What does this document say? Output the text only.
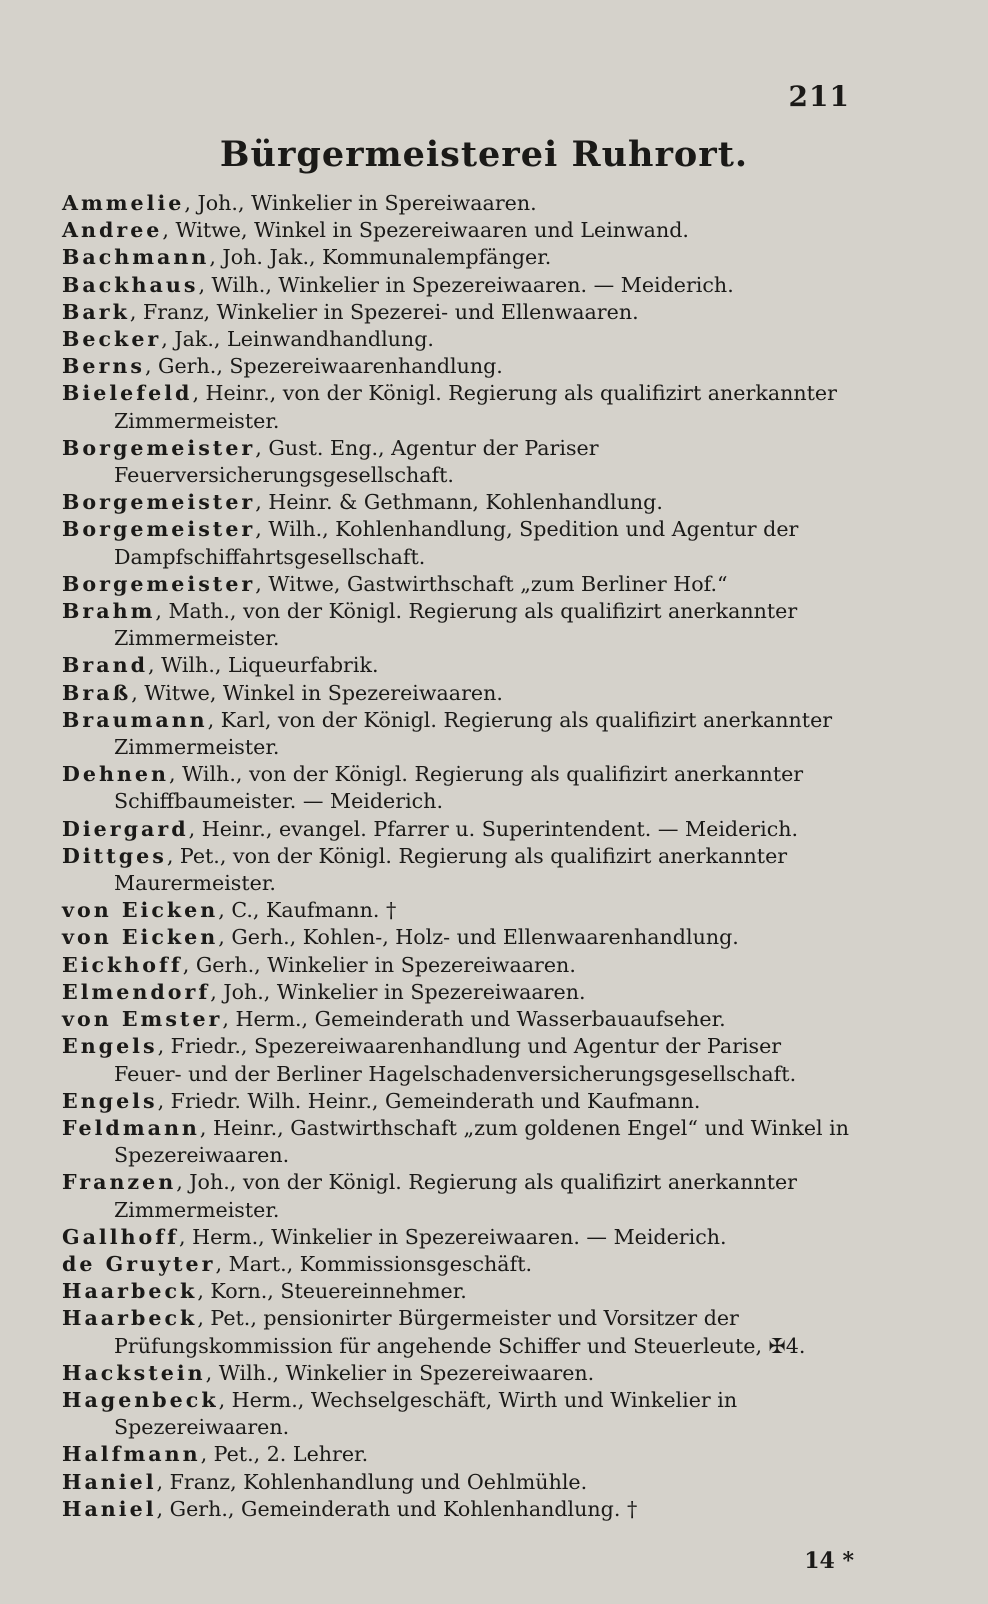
211
Bürgermeisterei Ruhrort.
Ammelie, Joh., Winkelier in Spereiwaaren.
Andree, Witwe, Winkel in Spezereiwaaren und Leinwand.
Bachmann, Joh. Jak., Kommunalempfänger.
Backhaus, Wilh., Winkelier in Spezereiwaaren. — Meiderich.
Bark, Franz, Winkelier in Spezerei- und Ellenwaaren.
Becker, Jak., Leinwandhandlung.
Berns, Gerh., Spezereiwaarenhandlung.
Bielefeld, Heinr., von der Königl. Regierung als qualifizirt anerkannter Zimmermeister.
Borgemeister, Gust. Eng., Agentur der Pariser Feuerversicherungsgesellschaft.
Borgemeister, Heinr. & Gethmann, Kohlenhandlung.
Borgemeister, Wilh., Kohlenhandlung, Spedition und Agentur der Dampfschiffahrtsgesellschaft.
Borgemeister, Witwe, Gastwirthschaft „zum Berliner Hof.“
Brahm, Math., von der Königl. Regierung als qualifizirt anerkannter Zimmermeister.
Brand, Wilh., Liqueurfabrik.
Braß, Witwe, Winkel in Spezereiwaaren.
Braumann, Karl, von der Königl. Regierung als qualifizirt anerkannter Zimmermeister.
Dehnen, Wilh., von der Königl. Regierung als qualifizirt anerkannter Schiffbaumeister. — Meiderich.
Diergard, Heinr., evangel. Pfarrer u. Superintendent. — Meiderich.
Dittges, Pet., von der Königl. Regierung als qualifizirt anerkannter Maurermeister.
von Eicken, C., Kaufmann. †
von Eicken, Gerh., Kohlen-, Holz- und Ellenwaarenhandlung.
Eickhoff, Gerh., Winkelier in Spezereiwaaren.
Elmendorf, Joh., Winkelier in Spezereiwaaren.
von Emster, Herm., Gemeinderath und Wasserbauaufseher.
Engels, Friedr., Spezereiwaarenhandlung und Agentur der Pariser Feuer- und der Berliner Hagelschadenversicherungsgesellschaft.
Engels, Friedr. Wilh. Heinr., Gemeinderath und Kaufmann.
Feldmann, Heinr., Gastwirthschaft „zum goldenen Engel“ und Winkel in Spezereiwaaren.
Franzen, Joh., von der Königl. Regierung als qualifizirt anerkannter Zimmermeister.
Gallhoff, Herm., Winkelier in Spezereiwaaren. — Meiderich.
de Gruyter, Mart., Kommissionsgeschäft.
Haarbeck, Korn., Steuereinnehmer.
Haarbeck, Pet., pensionirter Bürgermeister und Vorsitzer der Prüfungskommission für angehende Schiffer und Steuerleute, ✠4.
Hackstein, Wilh., Winkelier in Spezereiwaaren.
Hagenbeck, Herm., Wechselgeschäft, Wirth und Winkelier in Spezereiwaaren.
Halfmann, Pet., 2. Lehrer.
Haniel, Franz, Kohlenhandlung und Oehlmühle.
Haniel, Gerh., Gemeinderath und Kohlenhandlung. †
14 *
